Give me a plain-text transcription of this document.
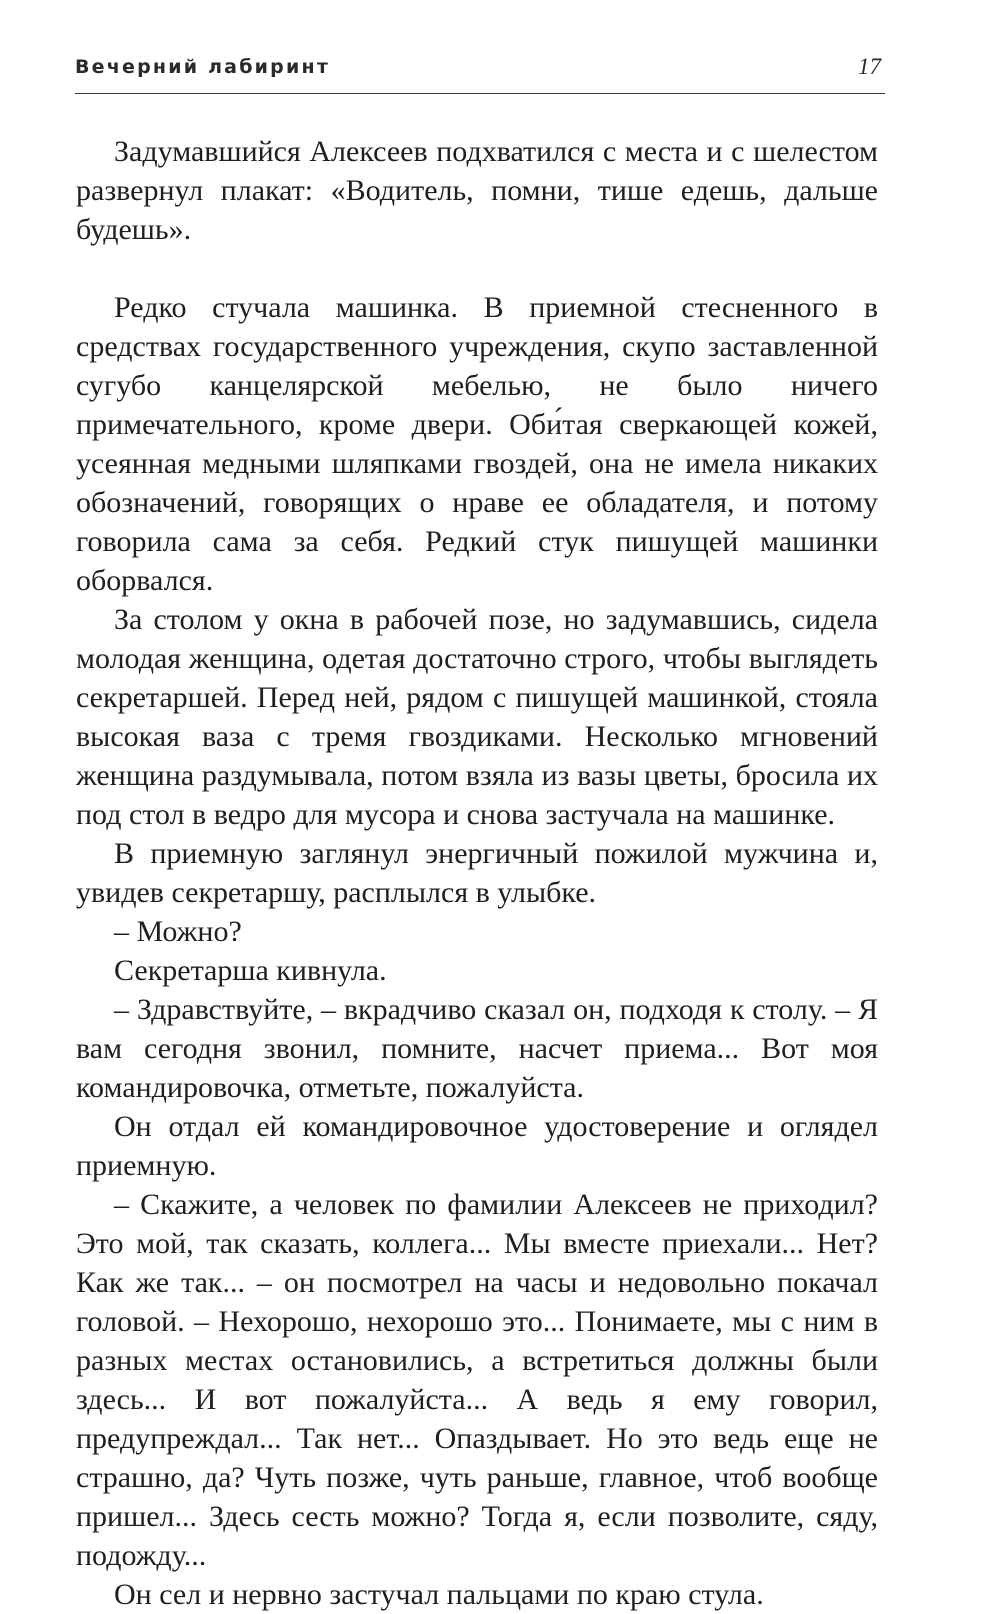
Вечерний лабиринт	17

Задумавшийся Алексеев подхватился с места и с шелестом развернул плакат: «Водитель, помни, тише едешь, дальше будешь».

Редко стучала машинка. В приемной стесненного в средствах государственного учреждения, скупо заставленной сугубо канцелярской мебелью, не было ничего примечательного, кроме двери. Оби́тая сверкающей кожей, усеянная медными шляпками гвоздей, она не имела никаких обозначений, говорящих о нраве ее обладателя, и потому говорила сама за себя. Редкий стук пишущей машинки оборвался.

За столом у окна в рабочей позе, но задумавшись, сидела молодая женщина, одетая достаточно строго, чтобы выглядеть секретаршей. Перед ней, рядом с пишущей машинкой, стояла высокая ваза с тремя гвоздиками. Несколько мгновений женщина раздумывала, потом взяла из вазы цветы, бросила их под стол в ведро для мусора и снова застучала на машинке.

В приемную заглянул энергичный пожилой мужчина и, увидев секретаршу, расплылся в улыбке.

– Можно?

Секретарша кивнула.

– Здравствуйте, – вкрадчиво сказал он, подходя к столу. – Я вам сегодня звонил, помните, насчет приема... Вот моя командировочка, отметьте, пожалуйста.

Он отдал ей командировочное удостоверение и оглядел приемную.

– Скажите, а человек по фамилии Алексеев не приходил? Это мой, так сказать, коллега... Мы вместе приехали... Нет? Как же так... – он посмотрел на часы и недовольно покачал головой. – Нехорошо, нехорошо это... Понимаете, мы с ним в разных местах остановились, а встретиться должны были здесь... И вот пожалуйста... А ведь я ему говорил, предупреждал... Так нет... Опаздывает. Но это ведь еще не страшно, да? Чуть позже, чуть раньше, главное, чтоб вообще пришел... Здесь сесть можно? Тогда я, если позволите, сяду, подожду...

Он сел и нервно застучал пальцами по краю стула.
